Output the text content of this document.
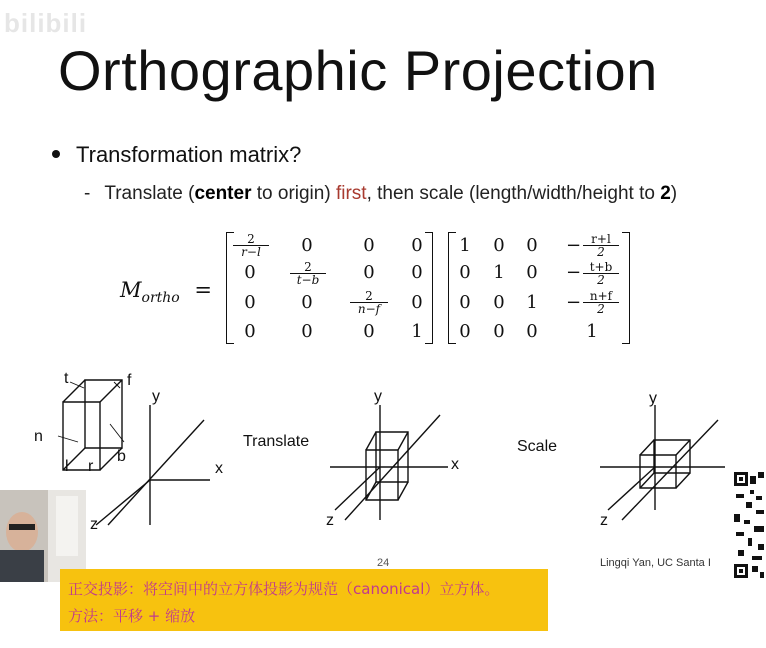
bilibili
Orthographic Projection
Transformation matrix?
- Translate (center to origin) first, then scale (length/width/height to 2)
$M_{ortho}$ =
$\frac{2}{r-l} 0$	0 0
0	$\frac{2}{t-b} 0$ 0
0	0	$\frac{2}{n-f} 0$
0	0	0 1
1 0 $0 - \frac{r+l}{2}$
0 1 $0 - \frac{t+b}{2}$
0 0 $1 - \frac{n+f}{2}$
0 0 0	1
t	f
n
l r
b
y
x
z
Translate
y
x
z
Scale
y
z
24	Lingqi Yan, UC Santa I
正交投影：将空间中的立方体投影为规范（canonical）立方体。
方法：平移 + 缩放
